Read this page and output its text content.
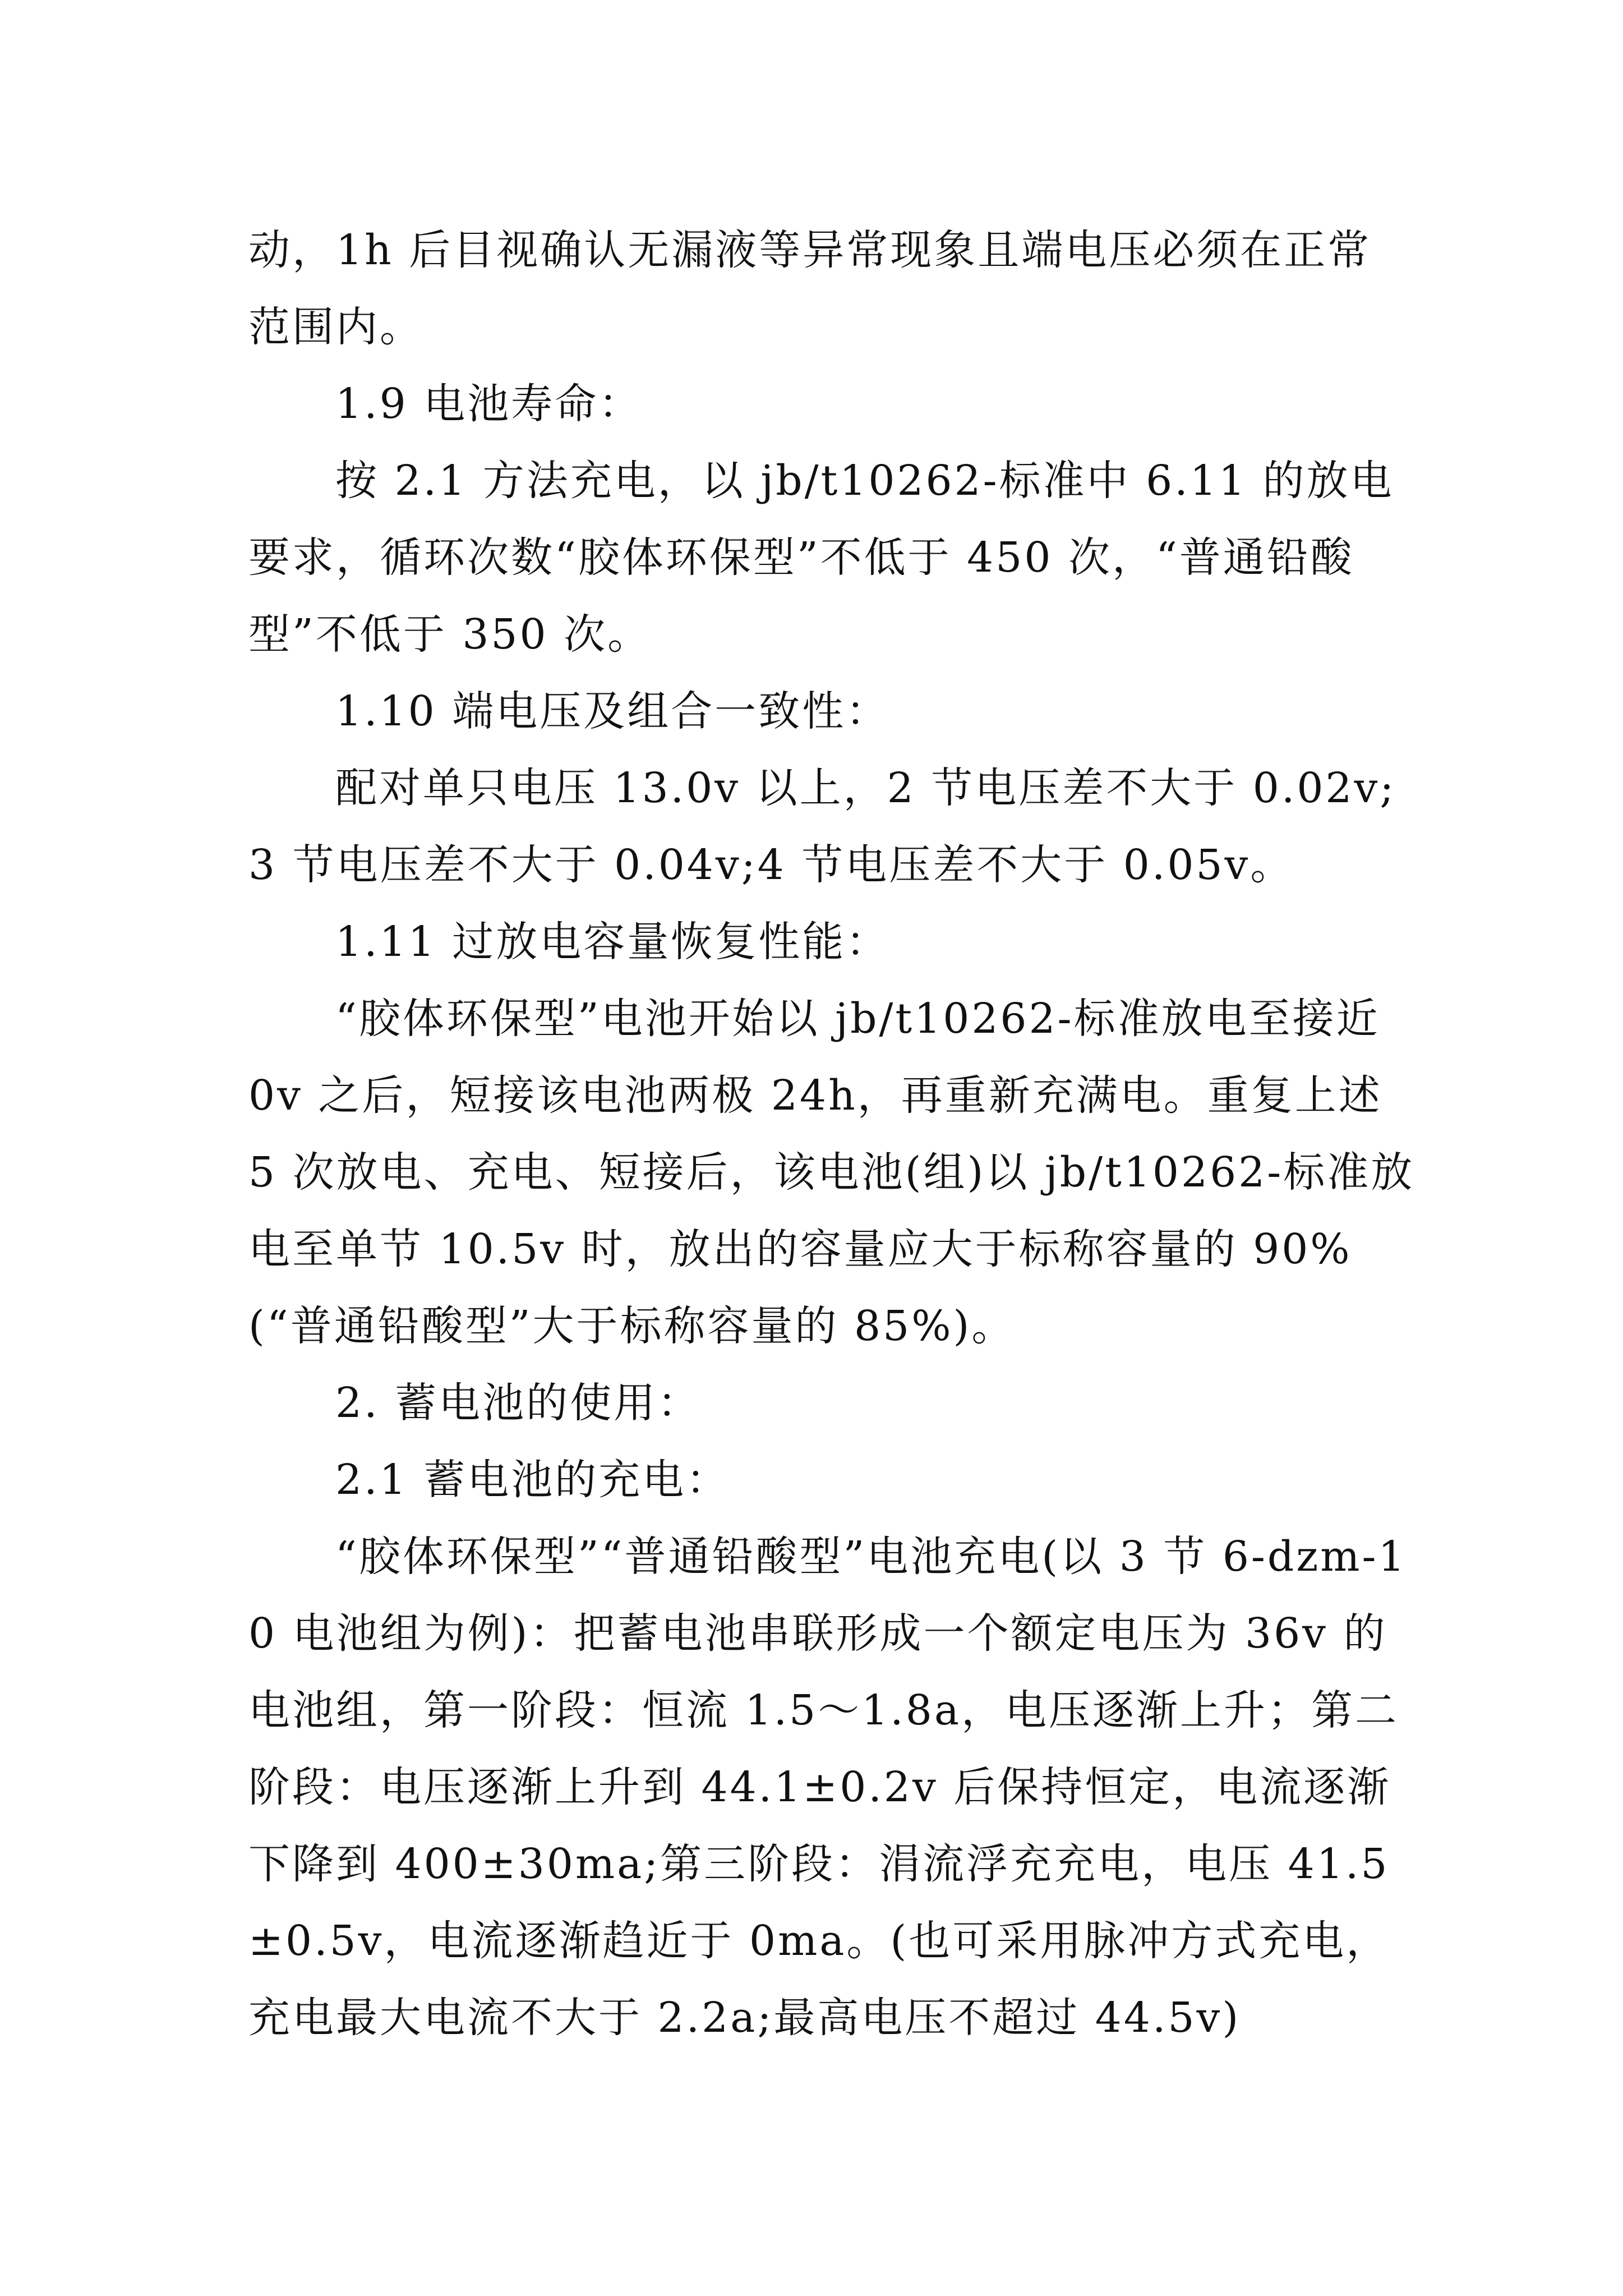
动，1h 后目视确认无漏液等异常现象且端电压必须在正常范围内。

1.9 电池寿命：

按 2.1 方法充电，以 jb/t10262-标准中 6.11 的放电要求，循环次数“胶体环保型”不低于 450 次，“普通铅酸型”不低于 350 次。

1.10 端电压及组合一致性：

配对单只电压 13.0v 以上，2 节电压差不大于 0.02v;3 节电压差不大于 0.04v;4 节电压差不大于 0.05v。

1.11 过放电容量恢复性能：

“胶体环保型”电池开始以 jb/t10262-标准放电至接近 0v 之后，短接该电池两极 24h，再重新充满电。重复上述 5 次放电、充电、短接后，该电池(组)以 jb/t10262-标准放电至单节 10.5v 时，放出的容量应大于标称容量的 90%(“普通铅酸型”大于标称容量的 85%)。

2. 蓄电池的使用：

2.1 蓄电池的充电：

“胶体环保型”“普通铅酸型”电池充电(以 3 节 6-dzm-10 电池组为例)：把蓄电池串联形成一个额定电压为 36v 的电池组，第一阶段：恒流 1.5～1.8a，电压逐渐上升；第二阶段：电压逐渐上升到 44.1±0.2v 后保持恒定，电流逐渐下降到 400±30ma;第三阶段：涓流浮充充电，电压 41.5±0.5v，电流逐渐趋近于 0ma。(也可采用脉冲方式充电，充电最大电流不大于 2.2a;最高电压不超过 44.5v)
